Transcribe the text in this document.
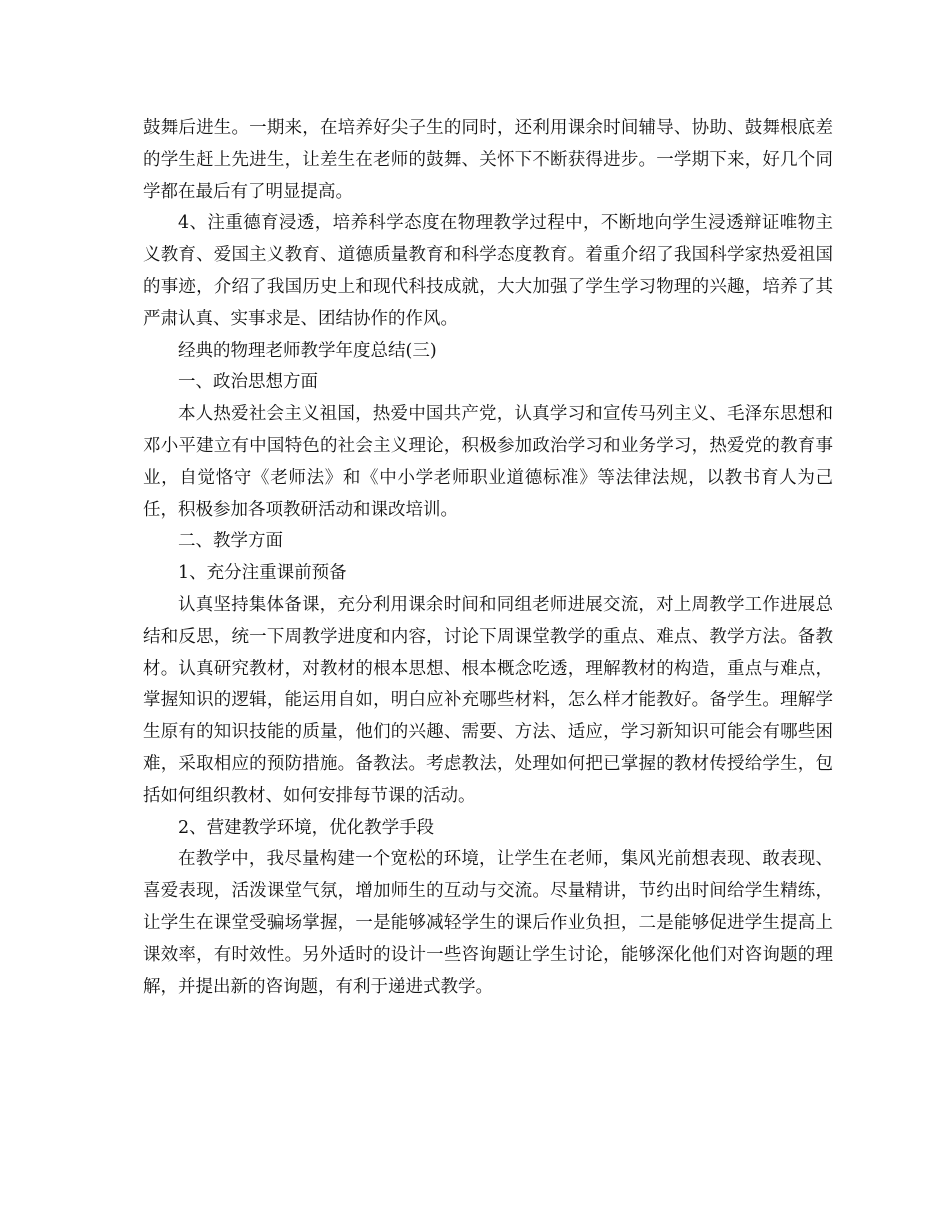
鼓舞后进生。一期来，在培养好尖子生的同时，还利用课余时间辅导、协助、鼓舞根底差的学生赶上先进生，让差生在老师的鼓舞、关怀下不断获得进步。一学期下来，好几个同学都在最后有了明显提高。

4、注重德育浸透，培养科学态度在物理教学过程中，不断地向学生浸透辩证唯物主义教育、爱国主义教育、道德质量教育和科学态度教育。着重介绍了我国科学家热爱祖国的事迹，介绍了我国历史上和现代科技成就，大大加强了学生学习物理的兴趣，培养了其严肃认真、实事求是、团结协作的作风。

经典的物理老师教学年度总结(三)

一、政治思想方面

本人热爱社会主义祖国，热爱中国共产党，认真学习和宣传马列主义、毛泽东思想和邓小平建立有中国特色的社会主义理论，积极参加政治学习和业务学习，热爱党的教育事业，自觉恪守《老师法》和《中小学老师职业道德标准》等法律法规，以教书育人为己任，积极参加各项教研活动和课改培训。

二、教学方面

1、充分注重课前预备

认真坚持集体备课，充分利用课余时间和同组老师进展交流，对上周教学工作进展总结和反思，统一下周教学进度和内容，讨论下周课堂教学的重点、难点、教学方法。备教材。认真研究教材，对教材的根本思想、根本概念吃透，理解教材的构造，重点与难点，掌握知识的逻辑，能运用自如，明白应补充哪些材料，怎么样才能教好。备学生。理解学生原有的知识技能的质量，他们的兴趣、需要、方法、适应，学习新知识可能会有哪些困难，采取相应的预防措施。备教法。考虑教法，处理如何把已掌握的教材传授给学生，包括如何组织教材、如何安排每节课的活动。

2、营建教学环境，优化教学手段

在教学中，我尽量构建一个宽松的环境，让学生在老师，集风光前想表现、敢表现、喜爱表现，活泼课堂气氛，增加师生的互动与交流。尽量精讲，节约出时间给学生精练，让学生在课堂受骗场掌握，一是能够减轻学生的课后作业负担，二是能够促进学生提高上课效率，有时效性。另外适时的设计一些咨询题让学生讨论，能够深化他们对咨询题的理解，并提出新的咨询题，有利于递进式教学。
